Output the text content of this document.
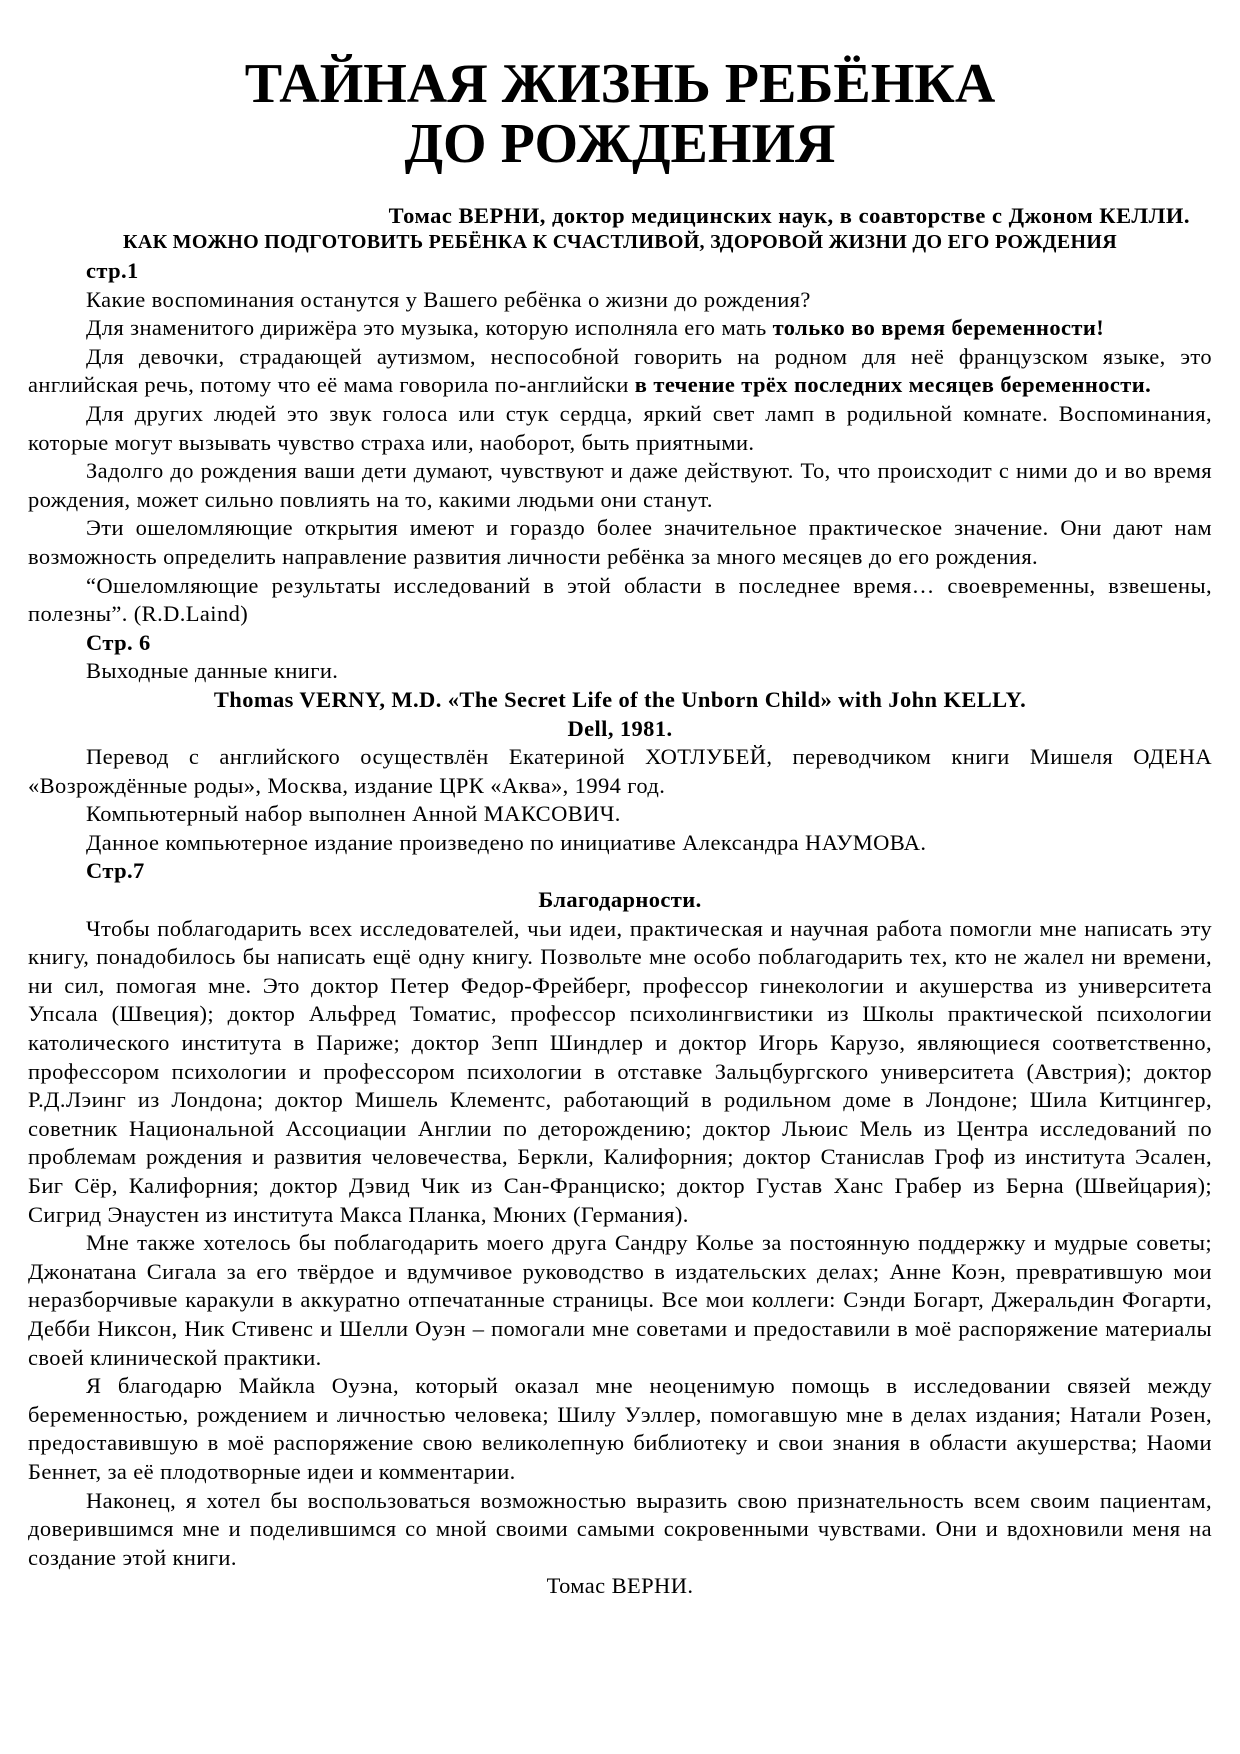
ТАЙНАЯ ЖИЗНЬ РЕБЁНКА
ДО РОЖДЕНИЯ
Томас ВЕРНИ, доктор медицинских наук, в соавторстве с Джоном КЕЛЛИ.
КАК МОЖНО ПОДГОТОВИТЬ РЕБЁНКА К СЧАСТЛИВОЙ, ЗДОРОВОЙ ЖИЗНИ ДО ЕГО РОЖДЕНИЯ

стр.1

Какие воспоминания останутся у Вашего ребёнка о жизни до рождения?

Для знаменитого дирижёра это музыка, которую исполняла его мать только во время беременности!

Для девочки, страдающей аутизмом, неспособной говорить на родном для неё французском языке, это английская речь, потому что её мама говорила по-английски в течение трёх последних месяцев беременности.

Для других людей это звук голоса или стук сердца, яркий свет ламп в родильной комнате. Воспоминания, которые могут вызывать чувство страха или, наоборот, быть приятными.

Задолго до рождения ваши дети думают, чувствуют и даже действуют. То, что происходит с ними до и во время рождения, может сильно повлиять на то, какими людьми они станут.

Эти ошеломляющие открытия имеют и гораздо более значительное практическое значение. Они дают нам возможность определить направление развития личности ребёнка за много месяцев до его рождения.

“Ошеломляющие результаты исследований в этой области в последнее время… своевременны, взвешены, полезны”. (R.D.Laind)

Стр. 6

Выходные данные книги.

Thomas VERNY, M.D. «The Secret Life of the Unborn Child» with John KELLY.

Dell, 1981.

Перевод с английского осуществлён Екатериной ХОТЛУБЕЙ, переводчиком книги Мишеля ОДЕНА «Возрождённые роды», Москва, издание ЦРК «Аква», 1994 год.

Компьютерный набор выполнен Анной МАКСОВИЧ.

Данное компьютерное издание произведено по инициативе Александра НАУМОВА.

Стр.7

Благодарности.

Чтобы поблагодарить всех исследователей, чьи идеи, практическая и научная работа помогли мне написать эту книгу, понадобилось бы написать ещё одну книгу. Позвольте мне особо поблагодарить тех, кто не жалел ни времени, ни сил, помогая мне. Это доктор Петер Федор-Фрейберг, профессор гинекологии и акушерства из университета Упсала (Швеция); доктор Альфред Томатис, профессор психолингвистики из Школы практической психологии католического института в Париже; доктор Зепп Шиндлер и доктор Игорь Карузо, являющиеся соответственно, профессором психологии и профессором психологии в отставке Зальцбургского университета (Австрия); доктор Р.Д.Лэинг из Лондона; доктор Мишель Клементс, работающий в родильном доме в Лондоне; Шила Китцингер, советник Национальной Ассоциации Англии по деторождению; доктор Льюис Мель из Центра исследований по проблемам рождения и развития человечества, Беркли, Калифорния; доктор Станислав Гроф из института Эсален, Биг Сёр, Калифорния; доктор Дэвид Чик из Сан-Франциско; доктор Густав Ханс Грабер из Берна (Швейцария); Сигрид Энаустен из института Макса Планка, Мюних (Германия).

Мне также хотелось бы поблагодарить моего друга Сандру Колье за постоянную поддержку и мудрые советы; Джонатана Сигала за его твёрдое и вдумчивое руководство в издательских делах; Анне Коэн, превратившую мои неразборчивые каракули в аккуратно отпечатанные страницы. Все мои коллеги: Сэнди Богарт, Джеральдин Фогарти, Дебби Никсон, Ник Стивенс и Шелли Оуэн – помогали мне советами и предоставили в моё распоряжение материалы своей клинической практики.

Я благодарю Майкла Оуэна, который оказал мне неоценимую помощь в исследовании связей между беременностью, рождением и личностью человека; Шилу Уэллер, помогавшую мне в делах издания; Натали Розен, предоставившую в моё распоряжение свою великолепную библиотеку и свои знания в области акушерства; Наоми Беннет, за её плодотворные идеи и комментарии.

Наконец, я хотел бы воспользоваться возможностью выразить свою признательность всем своим пациентам, доверившимся мне и поделившимся со мной своими самыми сокровенными чувствами. Они и вдохновили меня на создание этой книги.

Томас ВЕРНИ.
